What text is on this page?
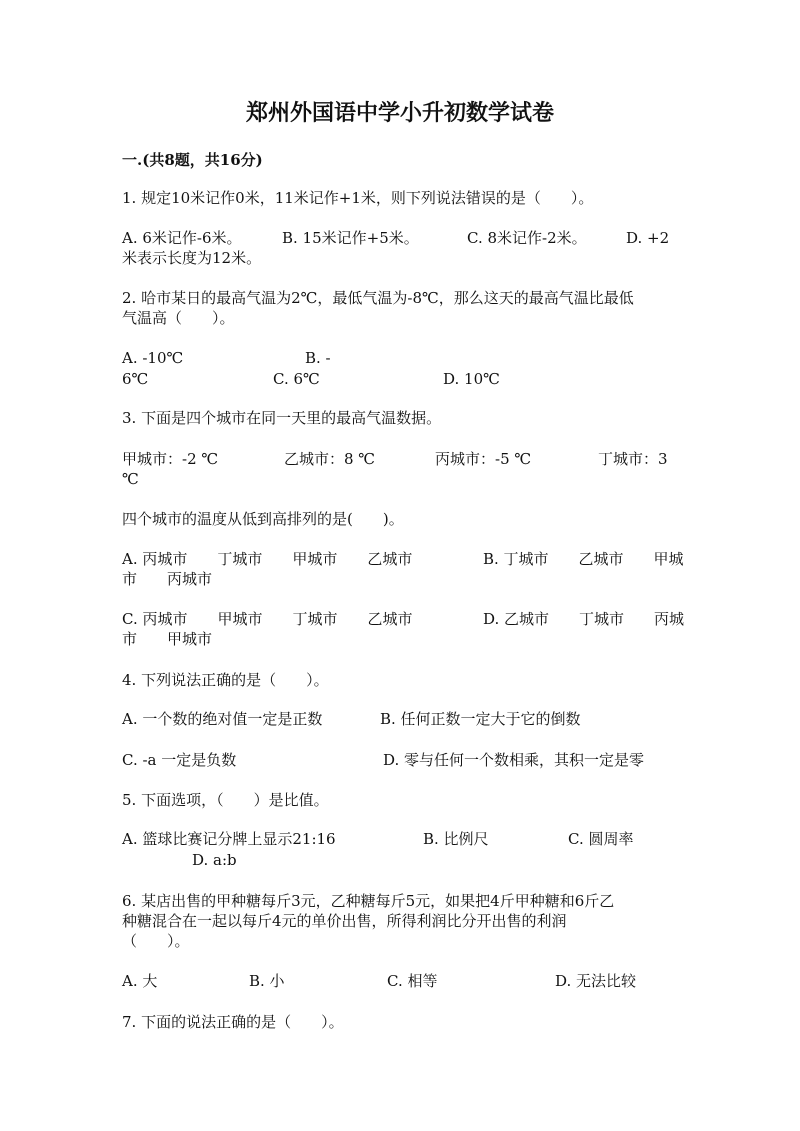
郑州外国语中学小升初数学试卷
一.(共8题，共16分)
1. 规定10米记作0米，11米记作+1米，则下列说法错误的是（　　）。
A. 6米记作-6米。	B. 15米记作+5米。	C. 8米记作-2米。	D. +2
米表示长度为12米。
2. 哈市某日的最高气温为2℃，最低气温为-8℃，那么这天的最高气温比最低
气温高（　　）。
A. -10℃	B. -
6℃	C. 6℃	D. 10℃
3. 下面是四个城市在同一天里的最高气温数据。
甲城市：-2 ℃	乙城市：8 ℃	丙城市：-5 ℃	丁城市：3
℃
四个城市的温度从低到高排列的是(　　)。
A. 丙城市　　丁城市　　甲城市　　乙城市	B. 丁城市　　乙城市　　甲城
市　　丙城市
C. 丙城市　　甲城市　　丁城市　　乙城市	D. 乙城市　　丁城市　　丙城
市　　甲城市
4. 下列说法正确的是（　　）。
A. 一个数的绝对值一定是正数	B. 任何正数一定大于它的倒数
C. -a 一定是负数	D. 零与任何一个数相乘，其积一定是零
5. 下面选项，（　　）是比值。
A. 篮球比赛记分牌上显示21:16	B. 比例尺	C. 圆周率
D. a:b
6. 某店出售的甲种糖每斤3元，乙种糖每斤5元，如果把4斤甲种糖和6斤乙
种糖混合在一起以每斤4元的单价出售，所得利润比分开出售的利润
（　　）。
A. 大	B. 小	C. 相等	D. 无法比较
7. 下面的说法正确的是（　　）。
